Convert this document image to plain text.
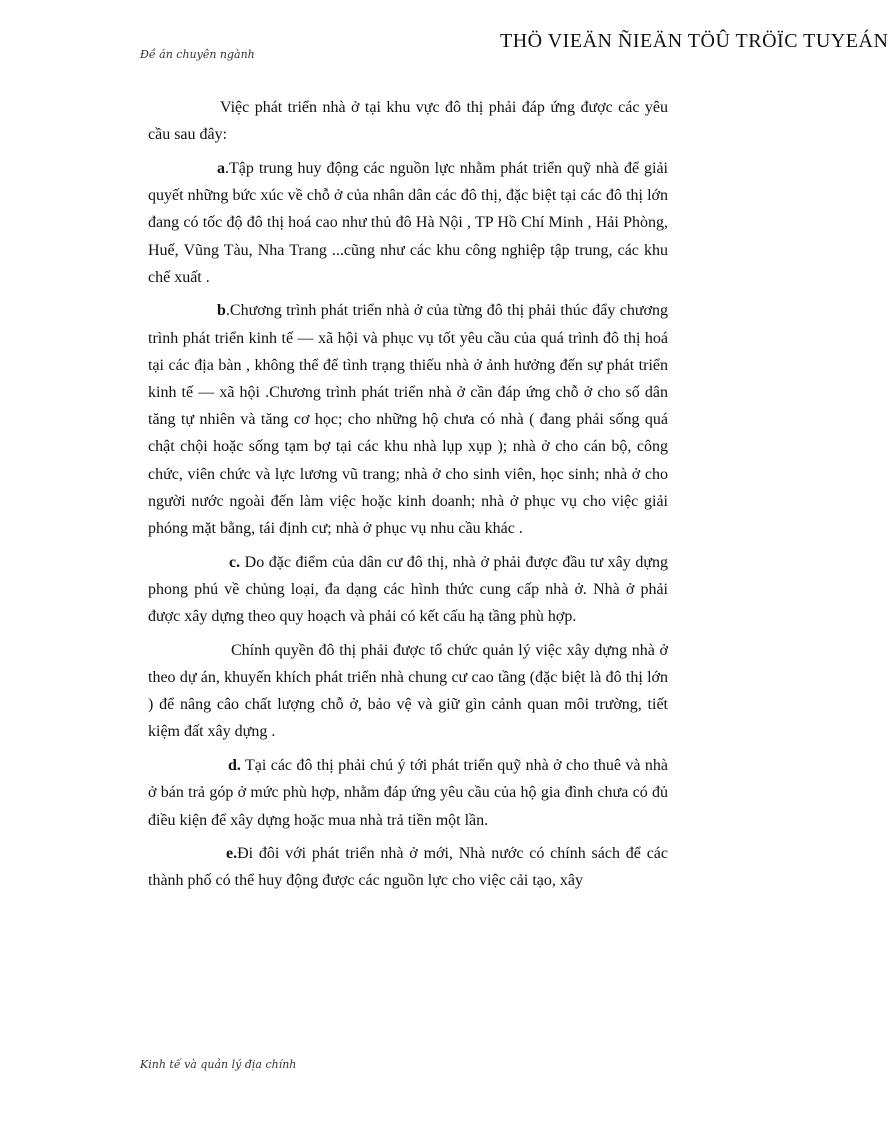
Đề án chuyên ngành
THÖ VIEÄN ÑIEÄN TÖÛ TRÖÏC TUYEÁN

Việc phát triển nhà ở tại khu vực đô thị phải đáp ứng được các yêu cầu sau đây:

a.Tập trung huy động các nguồn lực nhằm phát triển quỹ nhà để giải quyết những bức xúc về chỗ ở của nhân dân các đô thị, đặc biệt tại các đô thị lớn đang có tốc độ đô thị hoá cao như thủ đô Hà Nội , TP Hồ Chí Minh , Hải Phòng, Huế, Vũng Tàu, Nha Trang ...cũng như các khu công nghiệp tập trung, các khu chế xuất .

b.Chương trình phát triển nhà ở của từng đô thị phải thúc đẩy chương trình phát triển kinh tế — xã hội và phục vụ tốt yêu cầu của quá trình đô thị hoá tại các địa bàn , không thể để tình trạng thiếu nhà ở ảnh hưởng đến sự phát triển kinh tế — xã hội .Chương trình phát triển nhà ở cần đáp ứng chỗ ở cho số dân tăng tự nhiên và tăng cơ học; cho những hộ chưa có nhà ( đang phải sống quá chật chội hoặc sống tạm bợ tại các khu nhà lụp xụp ); nhà ở cho cán bộ, công chức, viên chức và lực lương vũ trang; nhà ở cho sinh viên, học sinh; nhà ở cho người nước ngoài đến làm việc hoặc kinh doanh; nhà ở phục vụ cho việc giải phóng mặt bằng, tái định cư; nhà ở phục vụ nhu cầu khác .

c. Do đặc điểm của dân cư đô thị, nhà ở phải được đầu tư xây dựng phong phú về chủng loại, đa dạng các hình thức cung cấp nhà ở. Nhà ở phải được xây dựng theo quy hoạch và phải có kết cấu hạ tầng phù hợp.

Chính quyền đô thị phải được tổ chức quản lý việc xây dựng nhà ở theo dự án, khuyến khích phát triển nhà chung cư cao tầng (đặc biệt là đô thị lớn ) để nâng câo chất lượng chỗ ở, bảo vệ và giữ gìn cảnh quan môi trường, tiết kiệm đất xây dựng .

d. Tại các đô thị phải chú ý tới phát triển quỹ nhà ở cho thuê và nhà ở bán trả góp ở mức phù hợp, nhằm đáp ứng yêu cầu của hộ gia đình chưa có đủ điều kiện để xây dựng hoặc mua nhà trả tiền một lần.

e.Đi đôi với phát triển nhà ở mới, Nhà nước có chính sách để các thành phố có thể huy động được các nguồn lực cho việc cải tạo, xây

Kinh tế và quản lý địa chính
